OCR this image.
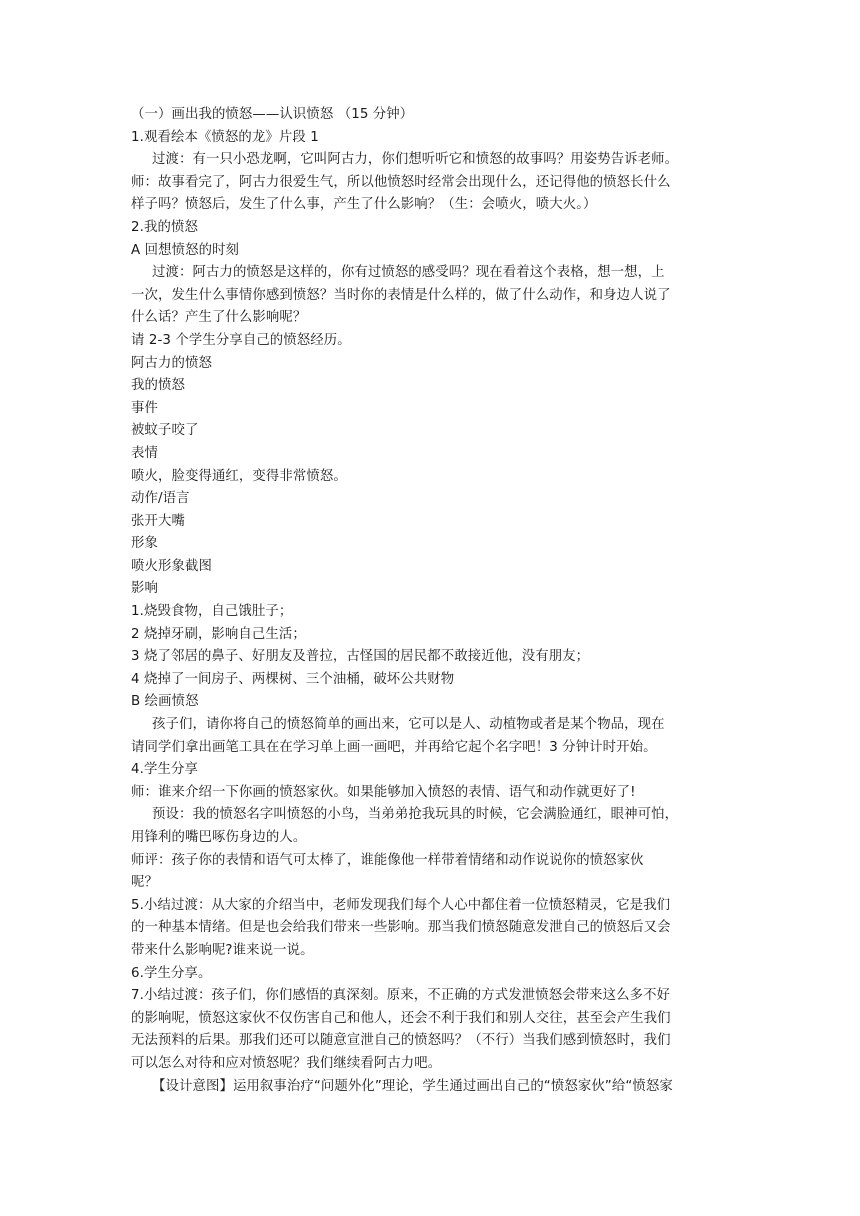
（一）画出我的愤怒——认识愤怒 （15 分钟）
1.观看绘本《愤怒的龙》片段 1
过渡：有一只小恐龙啊，它叫阿古力，你们想听听它和愤怒的故事吗？用姿势告诉老师。
师：故事看完了，阿古力很爱生气，所以他愤怒时经常会出现什么，还记得他的愤怒长什么
样子吗？愤怒后，发生了什么事，产生了什么影响？（生：会喷火，喷大火。）
2.我的愤怒
A 回想愤怒的时刻
过渡：阿古力的愤怒是这样的，你有过愤怒的感受吗？现在看着这个表格，想一想，上
一次，发生什么事情你感到愤怒？当时你的表情是什么样的，做了什么动作，和身边人说了
什么话？产生了什么影响呢？
请 2-3 个学生分享自己的愤怒经历。
阿古力的愤怒
我的愤怒
事件
被蚊子咬了
表情
喷火，脸变得通红，变得非常愤怒。
动作/语言
张开大嘴
形象
喷火形象截图
影响
1.烧毁食物，自己饿肚子；
2 烧掉牙刷，影响自己生活；
3 烧了邻居的鼻子、好朋友及普拉，古怪国的居民都不敢接近他，没有朋友；
4 烧掉了一间房子、两棵树、三个油桶，破坏公共财物
B 绘画愤怒
孩子们，请你将自己的愤怒简单的画出来，它可以是人、动植物或者是某个物品，现在
请同学们拿出画笔工具在在学习单上画一画吧，并再给它起个名字吧！3 分钟计时开始。
4.学生分享
师：谁来介绍一下你画的愤怒家伙。如果能够加入愤怒的表情、语气和动作就更好了!
预设：我的愤怒名字叫愤怒的小鸟，当弟弟抢我玩具的时候，它会满脸通红，眼神可怕，
用锋利的嘴巴啄伤身边的人。
师评：孩子你的表情和语气可太棒了，谁能像他一样带着情绪和动作说说你的愤怒家伙
呢？
5.小结过渡：从大家的介绍当中，老师发现我们每个人心中都住着一位愤怒精灵，它是我们
的一种基本情绪。但是也会给我们带来一些影响。那当我们愤怒随意发泄自己的愤怒后又会
带来什么影响呢?谁来说一说。
6.学生分享。
7.小结过渡：孩子们，你们感悟的真深刻。原来，不正确的方式发泄愤怒会带来这么多不好
的影响呢，愤怒这家伙不仅伤害自己和他人，还会不利于我们和别人交往，甚至会产生我们
无法预料的后果。那我们还可以随意宣泄自己的愤怒吗？（不行）当我们感到愤怒时，我们
可以怎么对待和应对愤怒呢？我们继续看阿古力吧。
【设计意图】运用叙事治疗“问题外化”理论，学生通过画出自己的“愤怒家伙”给“愤怒家
